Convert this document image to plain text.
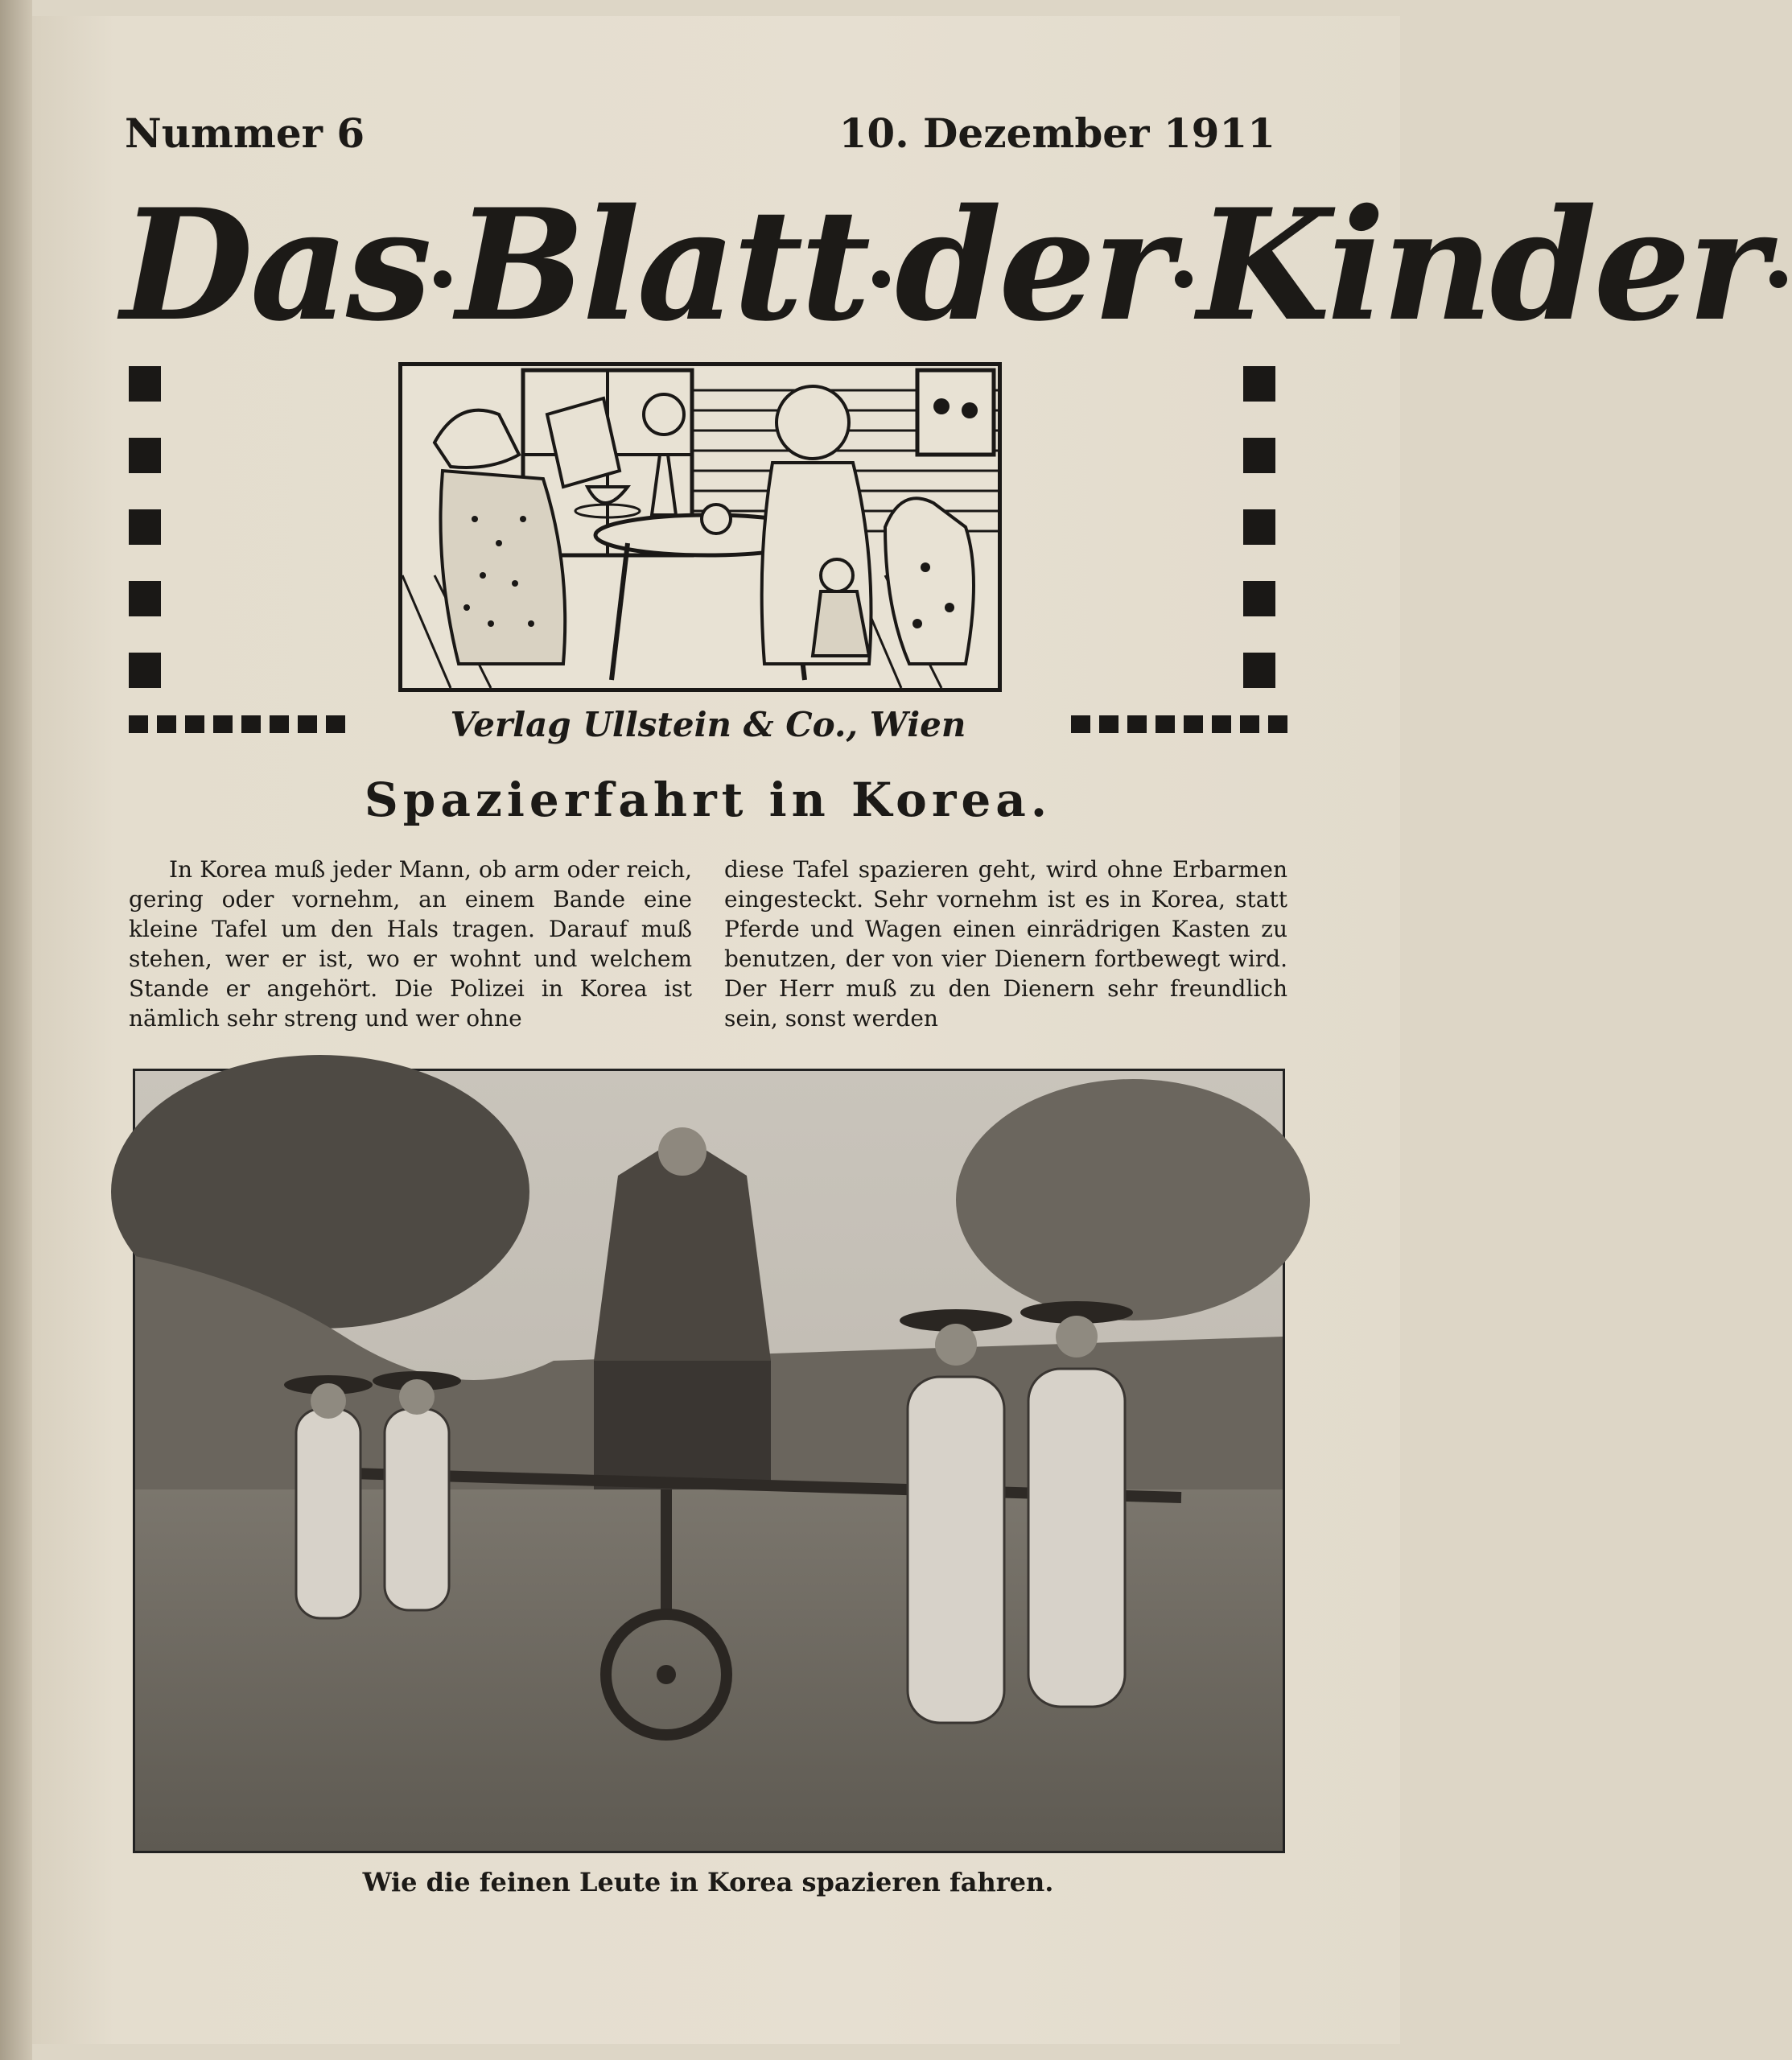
Nummer 6	10. Dezember 1911
Das Blatt der Kinder
Verlag Ullstein & Co., Wien
Spazierfahrt in Korea.
In Korea muß jeder Mann, ob arm oder reich, gering oder vornehm, an einem Bande eine kleine Tafel um den Hals tragen. Darauf muß stehen, wer er ist, wo er wohnt und welchem Stande er angehört. Die Polizei in Korea ist nämlich sehr streng und wer ohne
diese Tafel spazieren geht, wird ohne Erbarmen eingesteckt. Sehr vornehm ist es in Korea, statt Pferde und Wagen einen einrädrigen Kasten zu benutzen, der von vier Dienern fortbewegt wird. Der Herr muß zu den Dienern sehr freundlich sein, sonst werden
Wie die feinen Leute in Korea spazieren fahren.
